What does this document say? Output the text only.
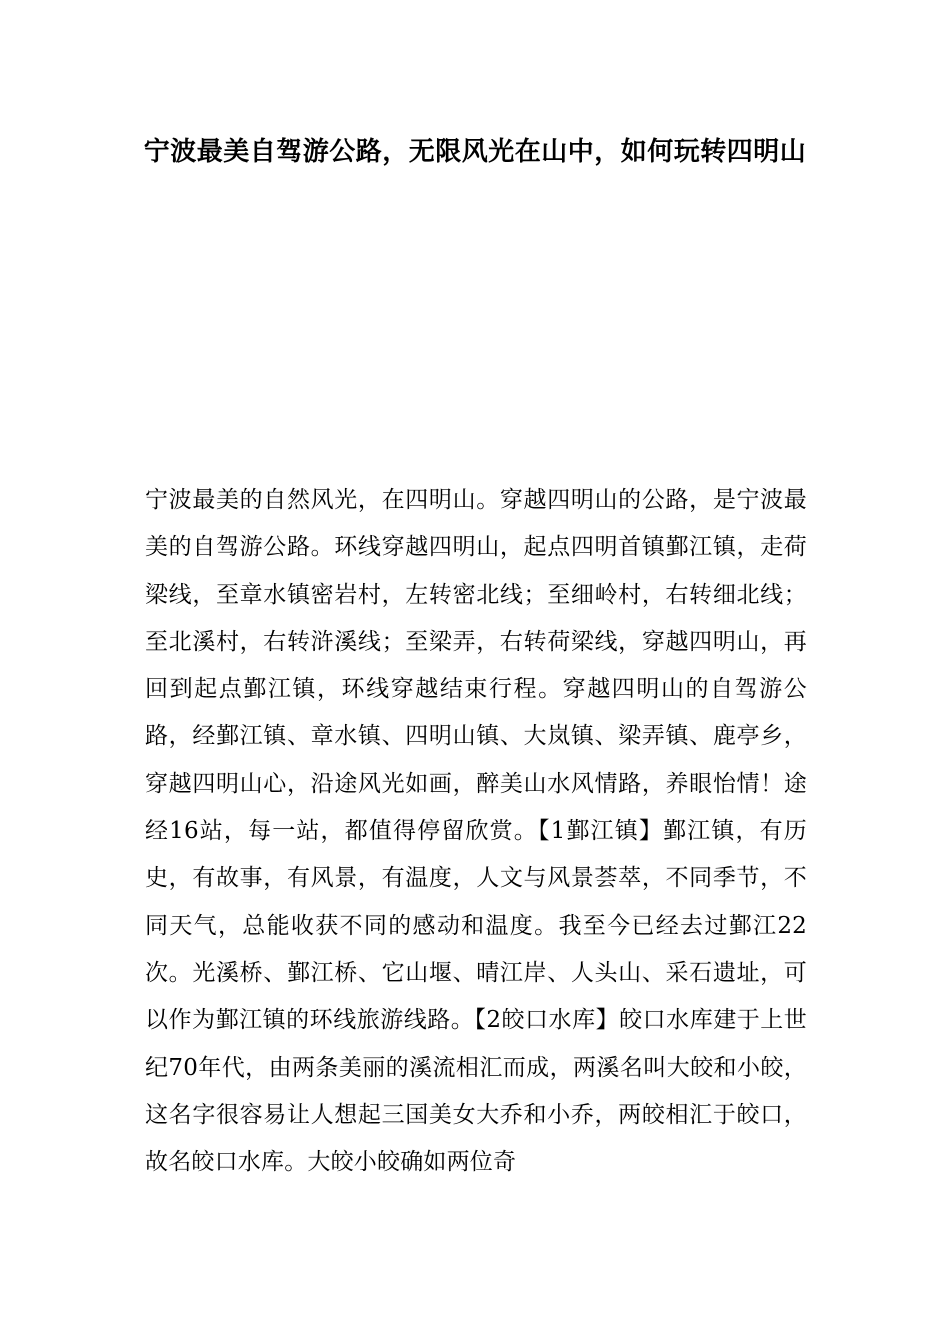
宁波最美自驾游公路，无限风光在山中，如何玩转四明山

宁波最美的自然风光，在四明山。穿越四明山的公路，是宁波最美的自驾游公路。环线穿越四明山，起点四明首镇鄞江镇，走荷梁线，至章水镇密岩村，左转密北线；至细岭村，右转细北线；至北溪村，右转浒溪线；至梁弄，右转荷梁线，穿越四明山，再回到起点鄞江镇，环线穿越结束行程。穿越四明山的自驾游公路，经鄞江镇、章水镇、四明山镇、大岚镇、梁弄镇、鹿亭乡，穿越四明山心，沿途风光如画，醉美山水风情路，养眼怡情！途经16站，每一站，都值得停留欣赏。【1鄞江镇】鄞江镇，有历史，有故事，有风景，有温度，人文与风景荟萃，不同季节，不同天气，总能收获不同的感动和温度。我至今已经去过鄞江22次。光溪桥、鄞江桥、它山堰、晴江岸、人头山、采石遗址，可以作为鄞江镇的环线旅游线路。【2皎口水库】皎口水库建于上世纪70年代，由两条美丽的溪流相汇而成，两溪名叫大皎和小皎，这名字很容易让人想起三国美女大乔和小乔，两皎相汇于皎口，故名皎口水库。大皎小皎确如两位奇
